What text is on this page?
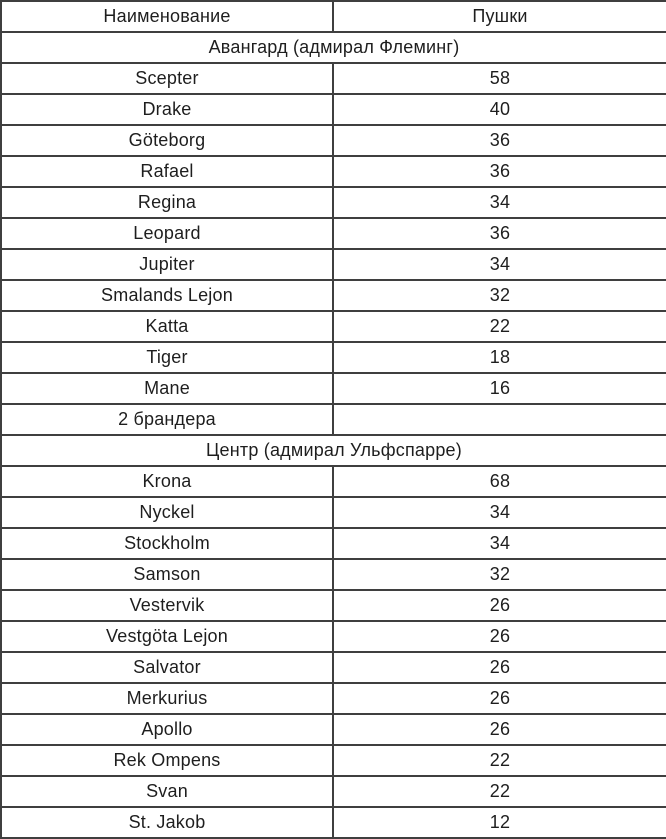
Наименование	Пушки
Авангард (адмирал Флеминг)	
Scepter	58
Drake	40
Göteborg	36
Rafael	36
Regina	34
Leopard	36
Jupiter	34
Smalands Lejon	32
Katta	22
Tiger	18
Mane	16
2 брандера	
Центр (адмирал Ульфспарре)	
Krona	68
Nyckel	34
Stockholm	34
Samson	32
Vestervik	26
Vestgöta Lejon	26
Salvator	26
Merkurius	26
Apollo	26
Rek Ompens	22
Svan	22
St. Jakob	12
